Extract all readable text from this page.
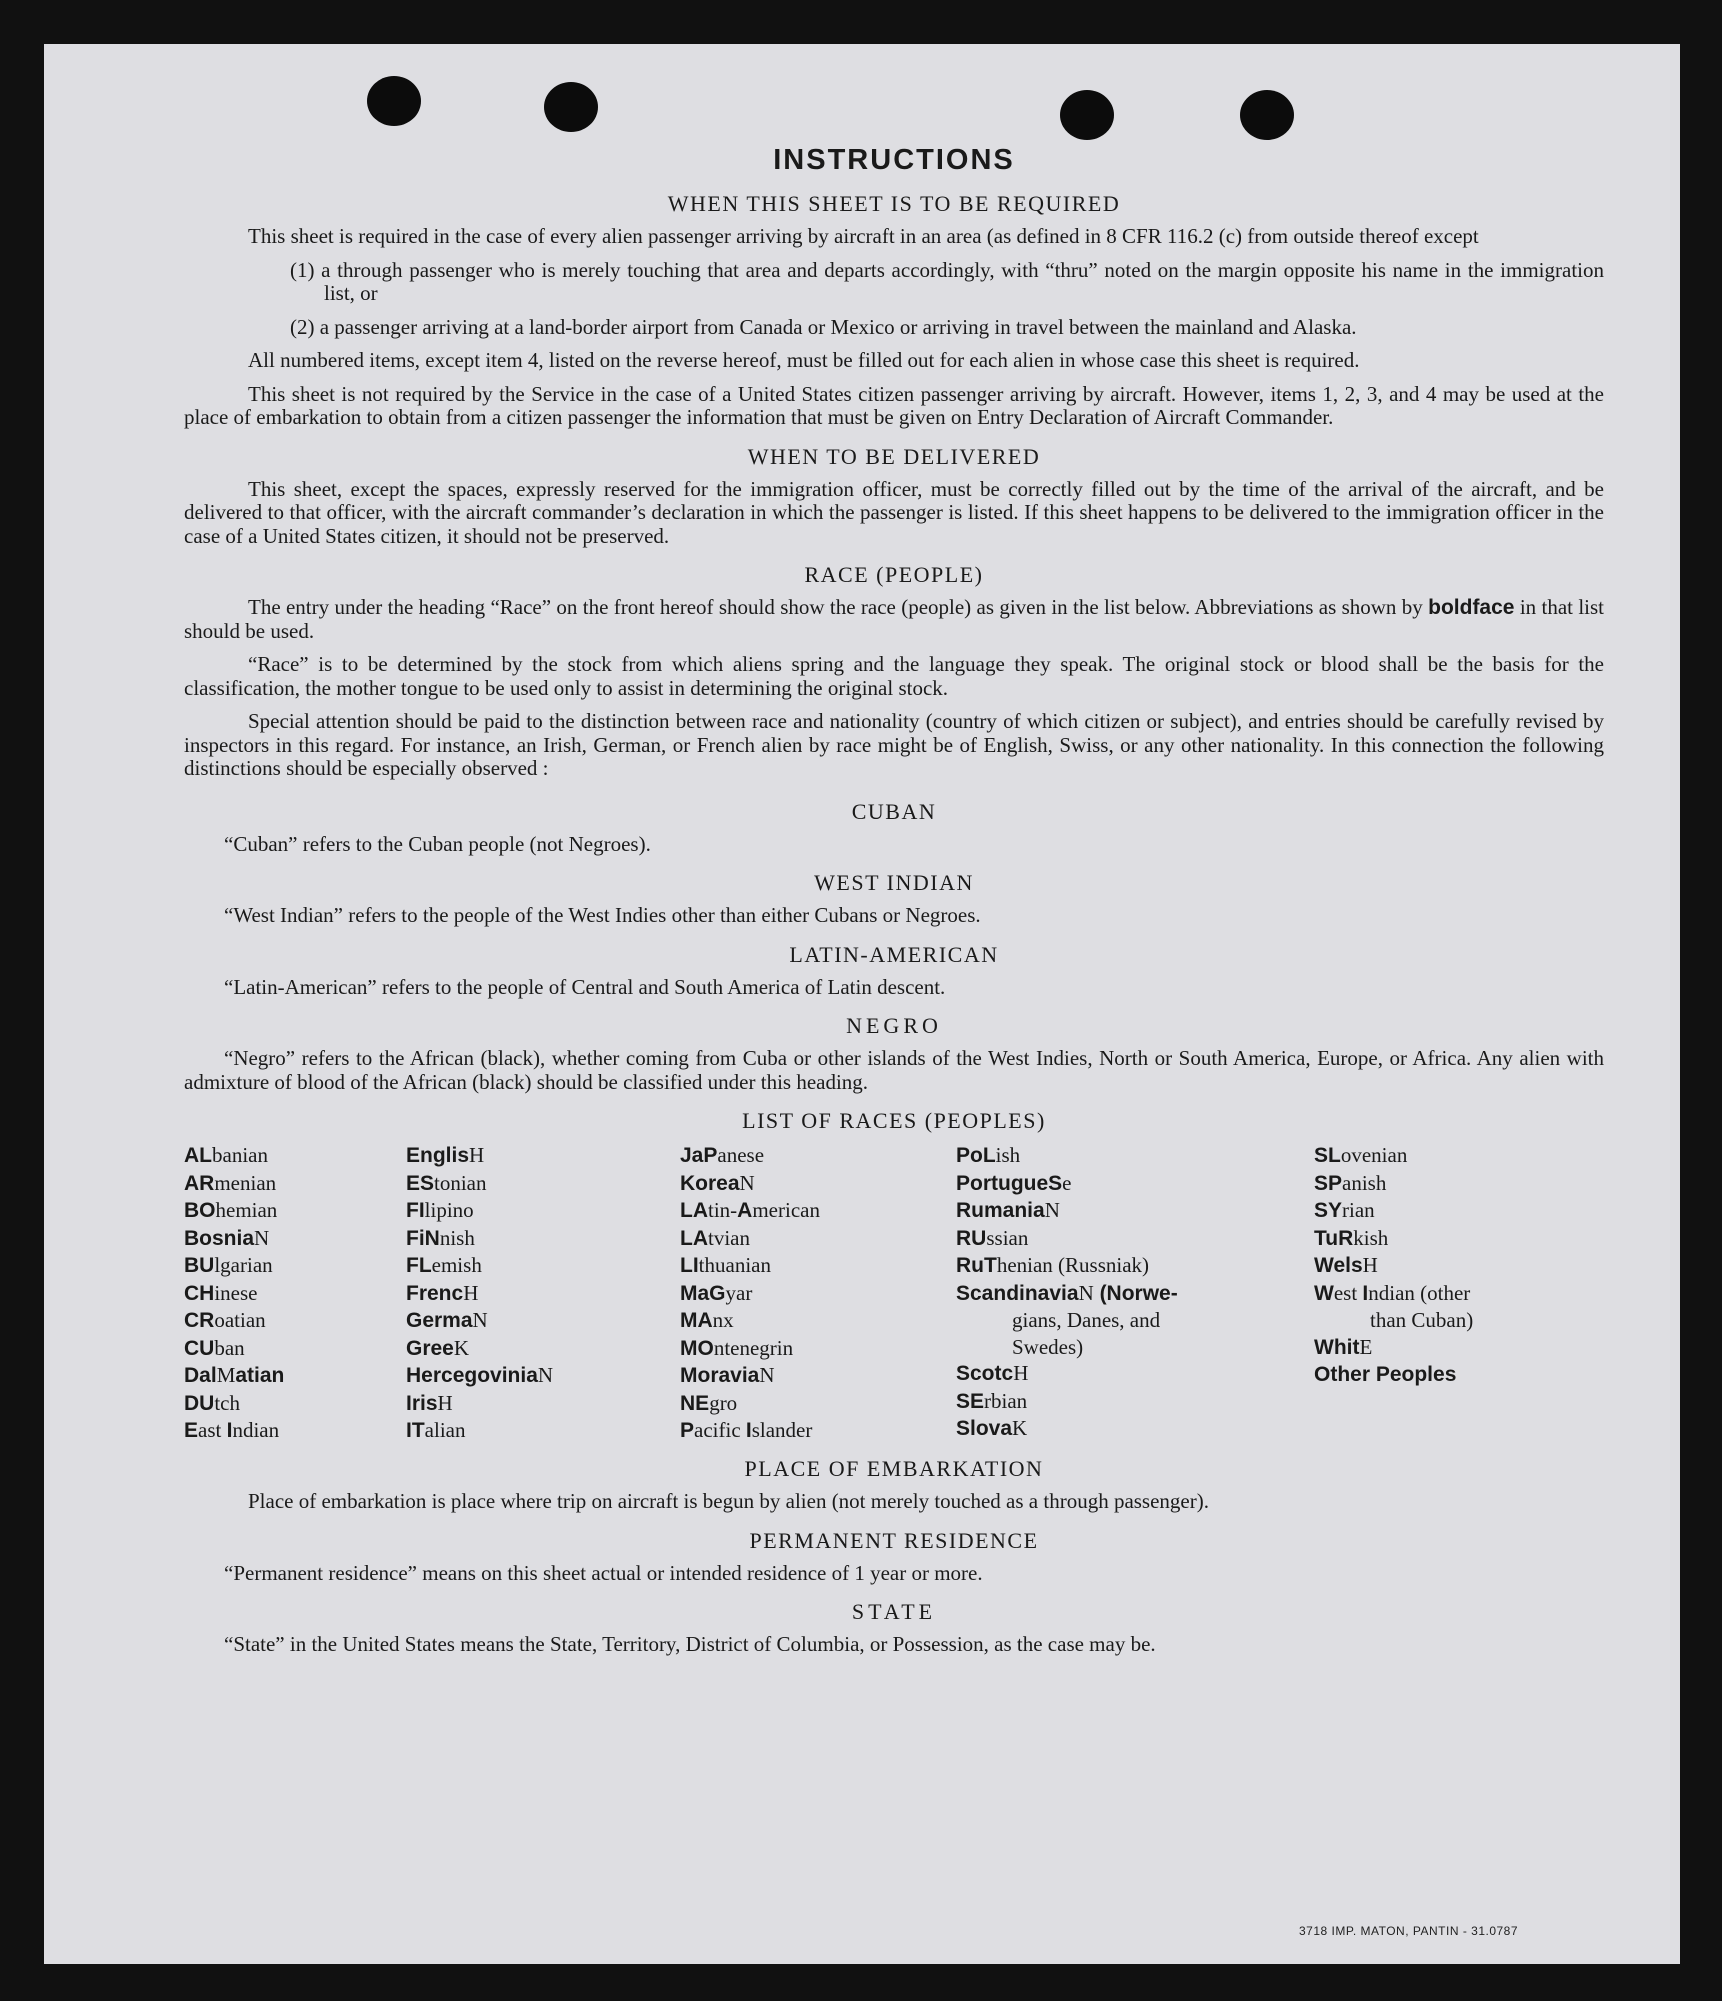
INSTRUCTIONS
WHEN THIS SHEET IS TO BE REQUIRED

This sheet is required in the case of every alien passenger arriving by aircraft in an area (as defined in 8 CFR 116.2 (c) from outside thereof except

(1) a through passenger who is merely touching that area and departs accordingly, with “thru” noted on the margin opposite his name in the immigration list, or

(2) a passenger arriving at a land-border airport from Canada or Mexico or arriving in travel between the mainland and Alaska.

All numbered items, except item 4, listed on the reverse hereof, must be filled out for each alien in whose case this sheet is required.

This sheet is not required by the Service in the case of a United States citizen passenger arriving by aircraft. However, items 1, 2, 3, and 4 may be used at the place of embarkation to obtain from a citizen passenger the information that must be given on Entry Declaration of Aircraft Commander.

WHEN TO BE DELIVERED

This sheet, except the spaces, expressly reserved for the immigration officer, must be correctly filled out by the time of the arrival of the aircraft, and be delivered to that officer, with the aircraft commander’s declaration in which the passenger is listed. If this sheet happens to be delivered to the immigration officer in the case of a United States citizen, it should not be preserved.

RACE (PEOPLE)

The entry under the heading “Race” on the front hereof should show the race (people) as given in the list below. Abbreviations as shown by boldface in that list should be used.

“Race” is to be determined by the stock from which aliens spring and the language they speak. The original stock or blood shall be the basis for the classification, the mother tongue to be used only to assist in determining the original stock.

Special attention should be paid to the distinction between race and nationality (country of which citizen or subject), and entries should be carefully revised by inspectors in this regard. For instance, an Irish, German, or French alien by race might be of English, Swiss, or any other nationality. In this connection the following distinctions should be especially observed :

CUBAN

“Cuban” refers to the Cuban people (not Negroes).

WEST INDIAN

“West Indian” refers to the people of the West Indies other than either Cubans or Negroes.

LATIN-AMERICAN

“Latin-American” refers to the people of Central and South America of Latin descent.

NEGRO

“Negro” refers to the African (black), whether coming from Cuba or other islands of the West Indies, North or South America, Europe, or Africa. Any alien with admixture of blood of the African (black) should be classified under this heading.

LIST OF RACES (PEOPLES)
ALbanian
ARmenian
BOhemian
BosniaN
BUlgarian
CHinese
CRoatian
CUban
DalMatian
DUtch
East Indian
EnglisH
EStonian
FIlipino
FiNnish
FLemish
FrencH
GermaN
GreeK
HercegoviniaN
IrisH
ITalian
JaPanese
KoreaN
LAtin-American
LAtvian
LIthuanian
MaGyar
MAnx
MOntenegrin
MoraviaN
NEgro
Pacific Islander
PoLish
PortugueSe
RumaniaN
RUssian
RuThenian (Russniak)
ScandinaviaN (Norwe-
gians, Danes, and
Swedes)
ScotcH
SErbian
SlovaK
SLovenian
SPanish
SYrian
TuRkish
WelsH
West Indian (other
than Cuban)
WhitE
Other Peoples
PLACE OF EMBARKATION

Place of embarkation is place where trip on aircraft is begun by alien (not merely touched as a through passenger).

PERMANENT RESIDENCE

“Permanent residence” means on this sheet actual or intended residence of 1 year or more.

STATE

“State” in the United States means the State, Territory, District of Columbia, or Possession, as the case may be.

3718 IMP. MATON, PANTIN - 31.0787
